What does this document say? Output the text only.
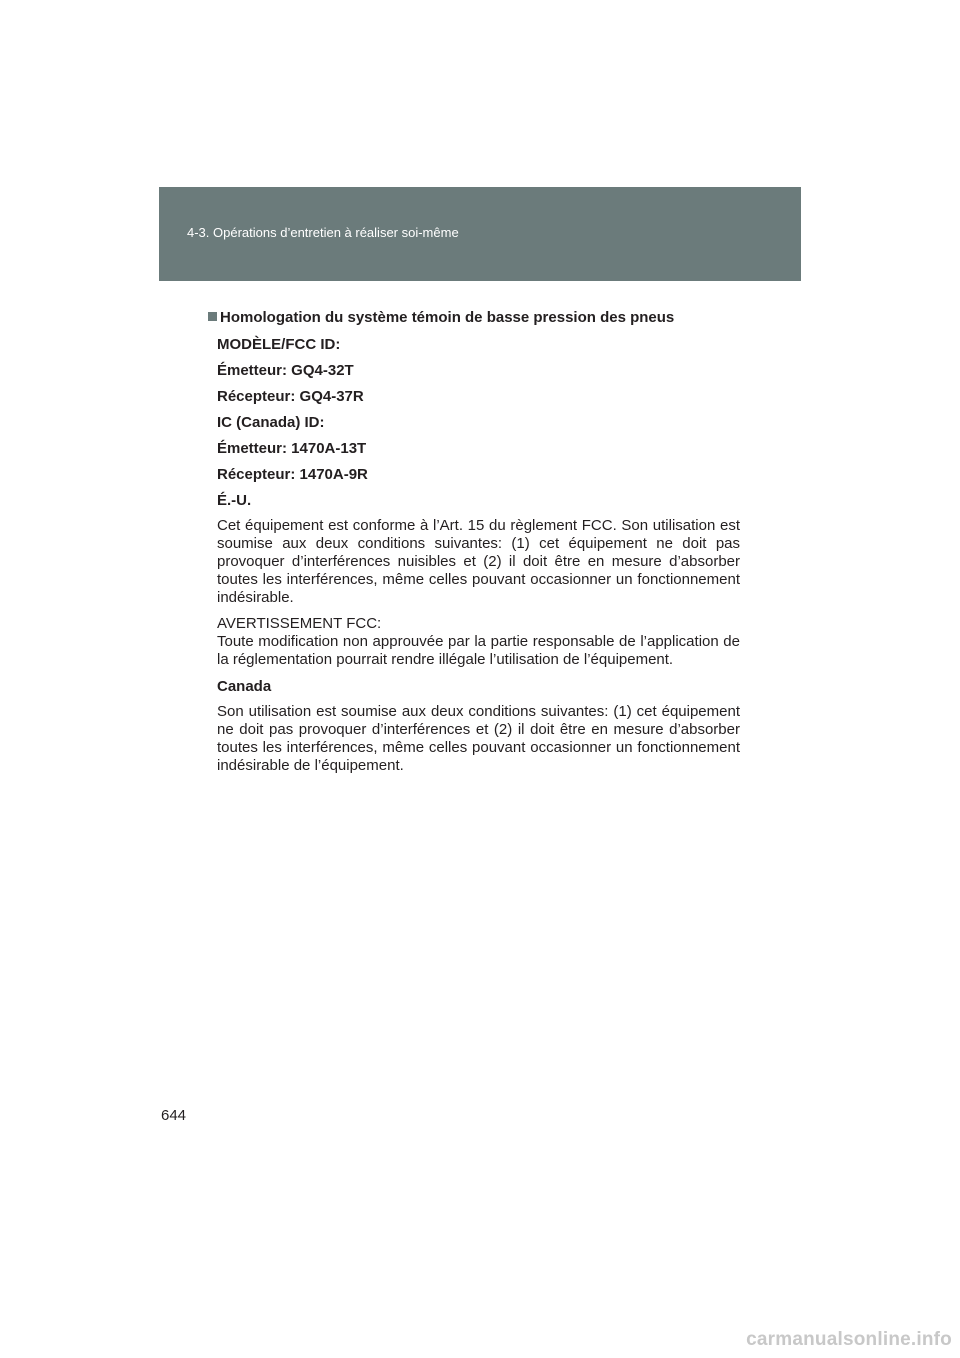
4-3. Opérations d’entretien à réaliser soi-même
Homologation du système témoin de basse pression des pneus
MODÈLE/FCC ID:
Émetteur: GQ4-32T
Récepteur: GQ4-37R
IC (Canada) ID:
Émetteur: 1470A-13T
Récepteur: 1470A-9R
É.-U.

Cet équipement est conforme à l’Art. 15 du règlement FCC. Son utilisation est soumise aux deux conditions suivantes: (1) cet équipement ne doit pas provoquer d’interférences nuisibles et (2) il doit être en mesure d’absorber toutes les interférences, même celles pouvant occasionner un fonctionnement indésirable.

AVERTISSEMENT FCC:
Toute modification non approuvée par la partie responsable de l’application de la réglementation pourrait rendre illégale l’utilisation de l’équipement.

Canada

Son utilisation est soumise aux deux conditions suivantes: (1) cet équipement ne doit pas provoquer d’interférences et (2) il doit être en mesure d’absorber toutes les interférences, même celles pouvant occasionner un fonctionnement indésirable de l’équipement.

644
carmanualsonline.info
